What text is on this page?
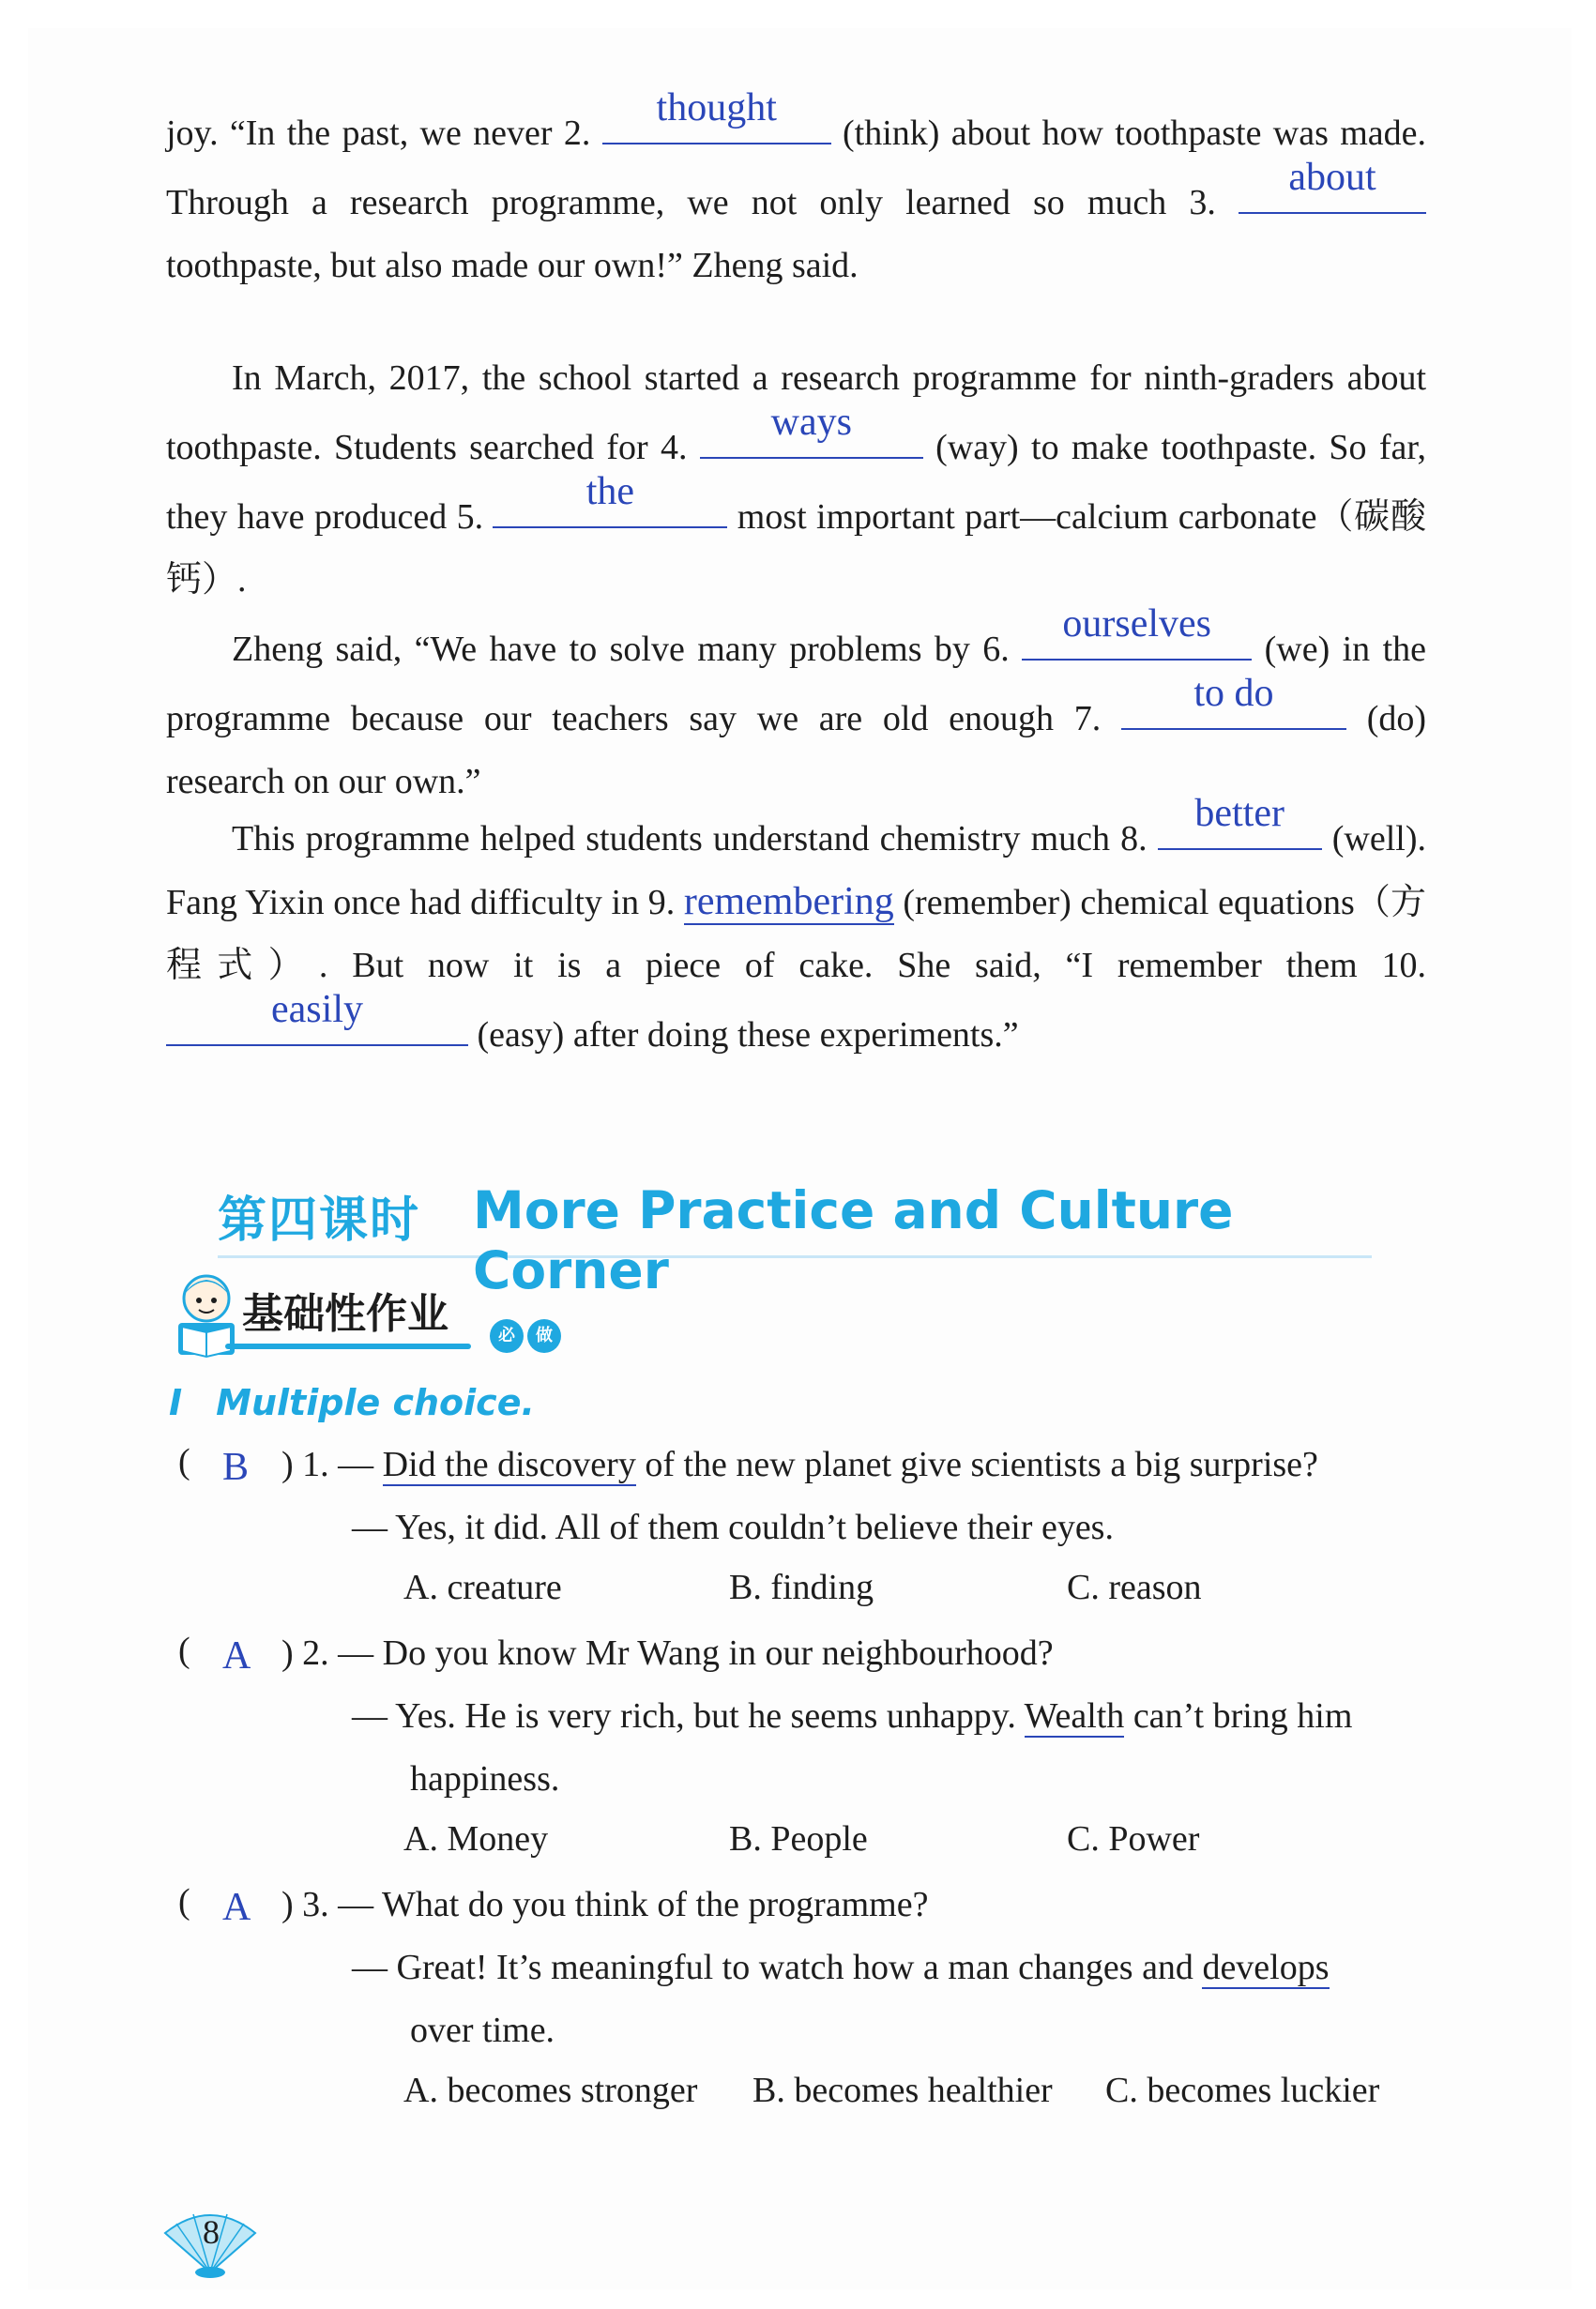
joy. “In the past, we never 2.
thought
(think) about how toothpaste was made. Through a research programme, we not only learned so much 3.
about
toothpaste, but also made our own!” Zheng said.
In March, 2017, the school started a research programme for ninth-graders about toothpaste. Students searched for 4.
ways
(way) to make toothpaste. So far, they have produced 5.
the
most important part—calcium carbonate（碳酸钙）.
Zheng said, “We have to solve many problems by 6.
ourselves
(we) in the programme because our teachers say we are old enough 7.
to do
(do) research on our own.”
This programme helped students understand chemistry much 8.
better
(well). Fang Yixin once had difficulty in 9. remembering (remember) chemical equations（方程式）. But now it is a piece of cake. She said, “I remember them 10.
easily
(easy) after doing these experiments.”
第四课时 More Practice and Culture Corner
基础性作业	必	做
I Multiple choice.
( B ) 1. — Did the discovery of the new planet give scientists a big surprise?
— Yes, it did. All of them couldn’t believe their eyes.
A. creature	B. finding	C. reason
( A ) 2. — Do you know Mr Wang in our neighbourhood?
— Yes. He is very rich, but he seems unhappy. Wealth can’t bring him
happiness.
A. Money	B. People	C. Power
( A ) 3. — What do you think of the programme?
— Great! It’s meaningful to watch how a man changes and develops
over time.
A. becomes stronger B. becomes healthier C. becomes luckier
8
